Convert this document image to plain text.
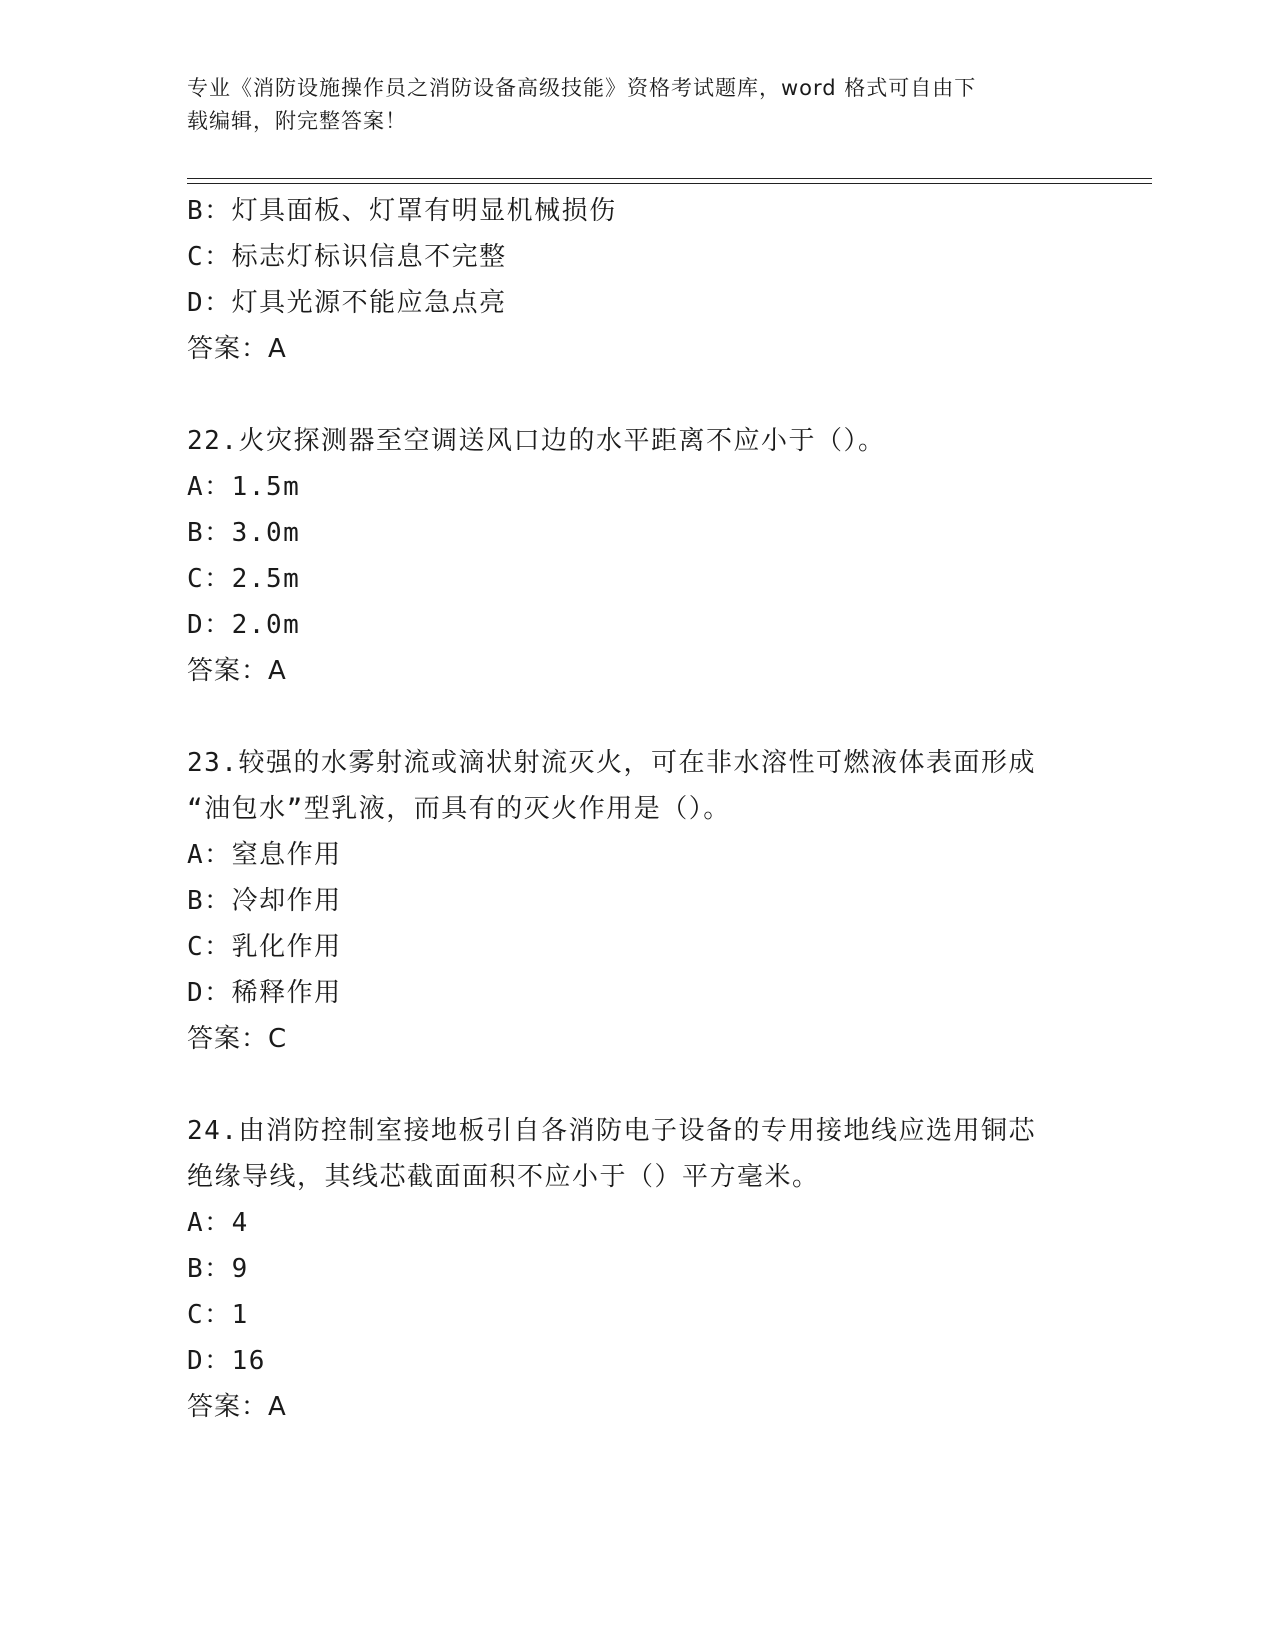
专业《消防设施操作员之消防设备高级技能》资格考试题库，word 格式可自由下
载编辑，附完整答案！
B：灯具面板、灯罩有明显机械损伤
C：标志灯标识信息不完整
D：灯具光源不能应急点亮
答案：A
22.火灾探测器至空调送风口边的水平距离不应小于（）。
A：1.5m
B：3.0m
C：2.5m
D：2.0m
答案：A
23.较强的水雾射流或滴状射流灭火，可在非水溶性可燃液体表面形成
“油包水”型乳液，而具有的灭火作用是（）。
A：窒息作用
B：冷却作用
C：乳化作用
D：稀释作用
答案：C
24.由消防控制室接地板引自各消防电子设备的专用接地线应选用铜芯
绝缘导线，其线芯截面面积不应小于（）平方毫米。
A：4
B：9
C：1
D：16
答案：A
